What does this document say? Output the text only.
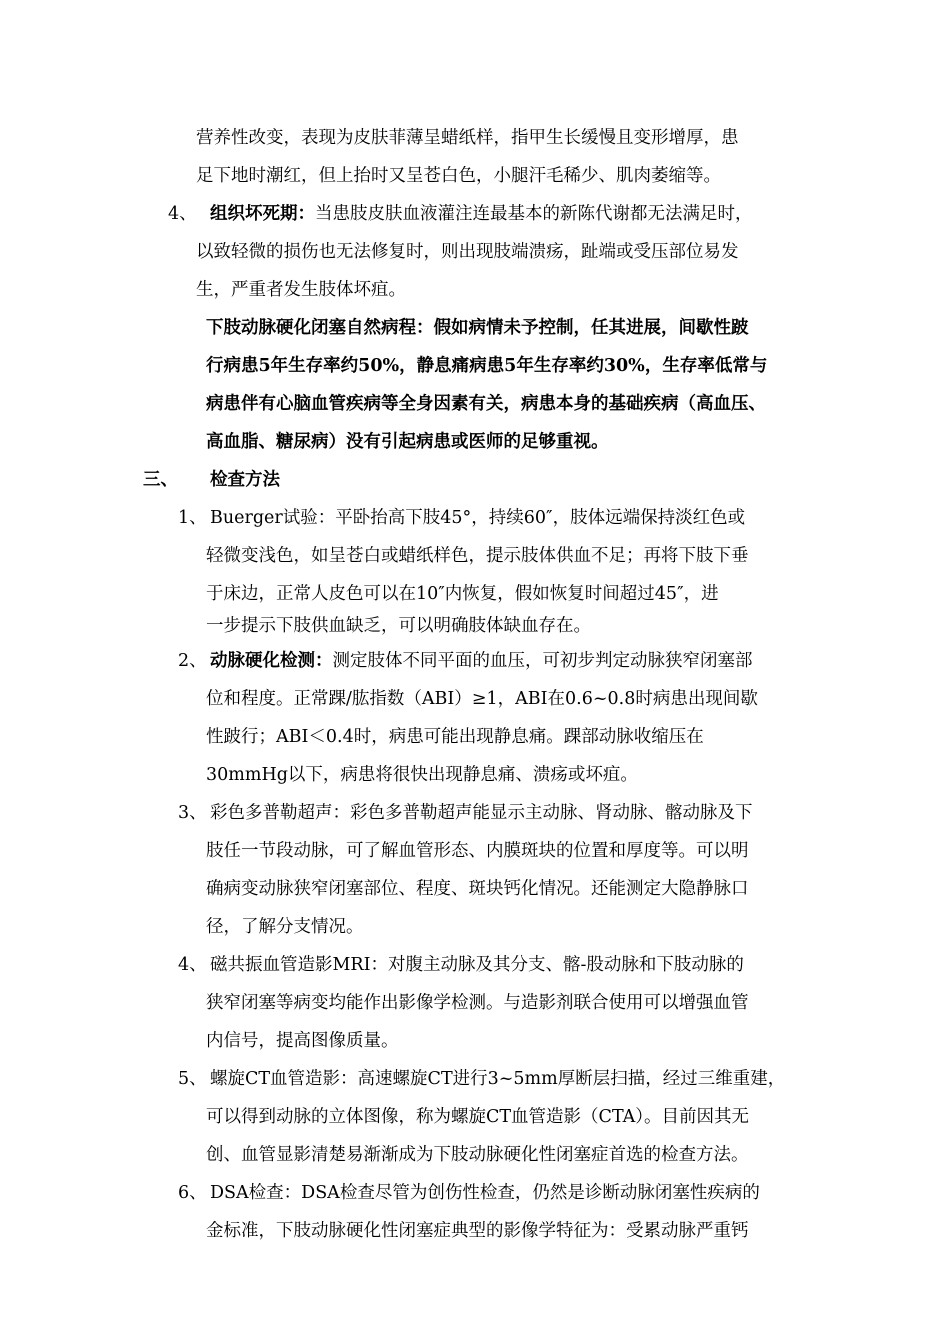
营养性改变，表现为皮肤菲薄呈蜡纸样，指甲生长缓慢且变形增厚，患
足下地时潮红，但上抬时又呈苍白色，小腿汗毛稀少、肌肉萎缩等。
4、 组织坏死期：当患肢皮肤血液灌注连最基本的新陈代谢都无法满足时，
以致轻微的损伤也无法修复时，则出现肢端溃疡，趾端或受压部位易发
生，严重者发生肢体坏疽。
下肢动脉硬化闭塞自然病程：假如病情未予控制，任其进展，间歇性跛
行病患5年生存率约50%，静息痛病患5年生存率约30%，生存率低常与
病患伴有心脑血管疾病等全身因素有关，病患本身的基础疾病（高血压、
高血脂、糖尿病）没有引起病患或医师的足够重视。
三、 检查方法
1、 Buerger试验：平卧抬高下肢45°，持续60″，肢体远端保持淡红色或
轻微变浅色，如呈苍白或蜡纸样色，提示肢体供血不足；再将下肢下垂
于床边，正常人皮色可以在10″内恢复，假如恢复时间超过45″，进
一步提示下肢供血缺乏，可以明确肢体缺血存在。
2、 动脉硬化检测：测定肢体不同平面的血压，可初步判定动脉狭窄闭塞部
位和程度。正常踝/肱指数（ABI）≥1，ABI在0.6~0.8时病患出现间歇
性跛行；ABI＜0.4时，病患可能出现静息痛。踝部动脉收缩压在
30mmHg以下，病患将很快出现静息痛、溃疡或坏疽。
3、 彩色多普勒超声：彩色多普勒超声能显示主动脉、肾动脉、髂动脉及下
肢任一节段动脉，可了解血管形态、内膜斑块的位置和厚度等。可以明
确病变动脉狭窄闭塞部位、程度、斑块钙化情况。还能测定大隐静脉口
径，了解分支情况。
4、 磁共振血管造影MRI：对腹主动脉及其分支、髂-股动脉和下肢动脉的
狭窄闭塞等病变均能作出影像学检测。与造影剂联合使用可以增强血管
内信号，提高图像质量。
5、 螺旋CT血管造影：高速螺旋CT进行3~5mm厚断层扫描，经过三维重建，
可以得到动脉的立体图像，称为螺旋CT血管造影（CTA）。目前因其无
创、血管显影清楚易渐渐成为下肢动脉硬化性闭塞症首选的检查方法。
6、 DSA检查：DSA检查尽管为创伤性检查，仍然是诊断动脉闭塞性疾病的
金标准，下肢动脉硬化性闭塞症典型的影像学特征为：受累动脉严重钙
